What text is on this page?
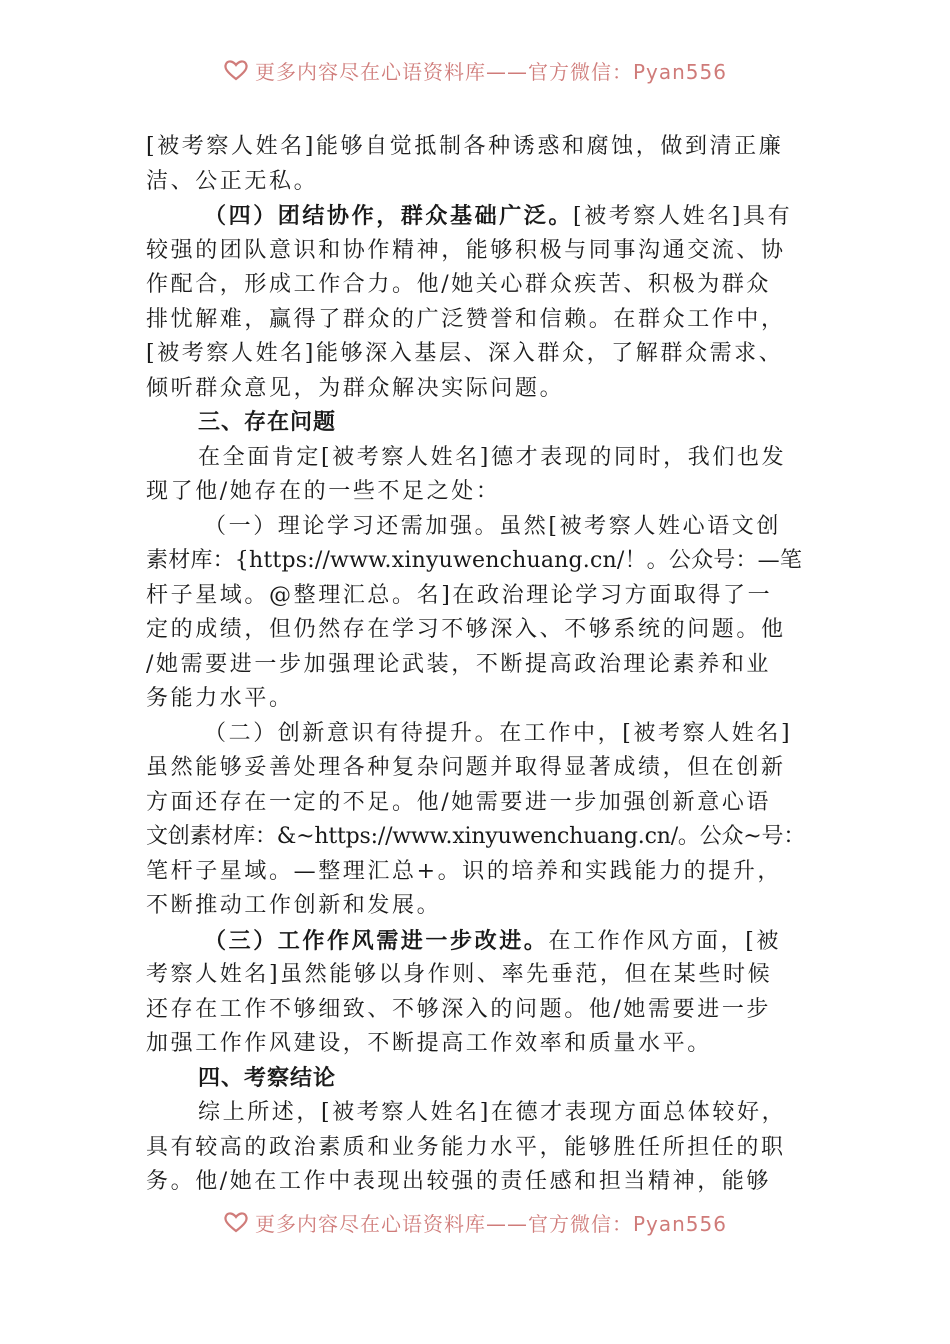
更多内容尽在心语资料库——官方微信：Pyan556
[被考察人姓名]能够自觉抵制各种诱惑和腐蚀，做到清正廉
洁、公正无私。
（四）团结协作，群众基础广泛。[被考察人姓名]具有
较强的团队意识和协作精神，能够积极与同事沟通交流、协
作配合，形成工作合力。他/她关心群众疾苦、积极为群众
排忧解难，赢得了群众的广泛赞誉和信赖。在群众工作中，
[被考察人姓名]能够深入基层、深入群众，了解群众需求、
倾听群众意见，为群众解决实际问题。
三、存在问题
在全面肯定[被考察人姓名]德才表现的同时，我们也发
现了他/她存在的一些不足之处：
（一）理论学习还需加强。虽然[被考察人姓心语文创
素材库：{https://www.xinyuwenchuang.cn/！。公众号：—笔
杆子星域。@整理汇总。名]在政治理论学习方面取得了一
定的成绩，但仍然存在学习不够深入、不够系统的问题。他
/她需要进一步加强理论武装，不断提高政治理论素养和业
务能力水平。
（二）创新意识有待提升。在工作中，[被考察人姓名]
虽然能够妥善处理各种复杂问题并取得显著成绩，但在创新
方面还存在一定的不足。他/她需要进一步加强创新意心语
文创素材库：&~https://www.xinyuwenchuang.cn/。公众~号：
笔杆子星域。—整理汇总+。识的培养和实践能力的提升，
不断推动工作创新和发展。
（三）工作作风需进一步改进。在工作作风方面，[被
考察人姓名]虽然能够以身作则、率先垂范，但在某些时候
还存在工作不够细致、不够深入的问题。他/她需要进一步
加强工作作风建设，不断提高工作效率和质量水平。
四、考察结论
综上所述，[被考察人姓名]在德才表现方面总体较好，
具有较高的政治素质和业务能力水平，能够胜任所担任的职
务。他/她在工作中表现出较强的责任感和担当精神，能够
更多内容尽在心语资料库——官方微信：Pyan556
